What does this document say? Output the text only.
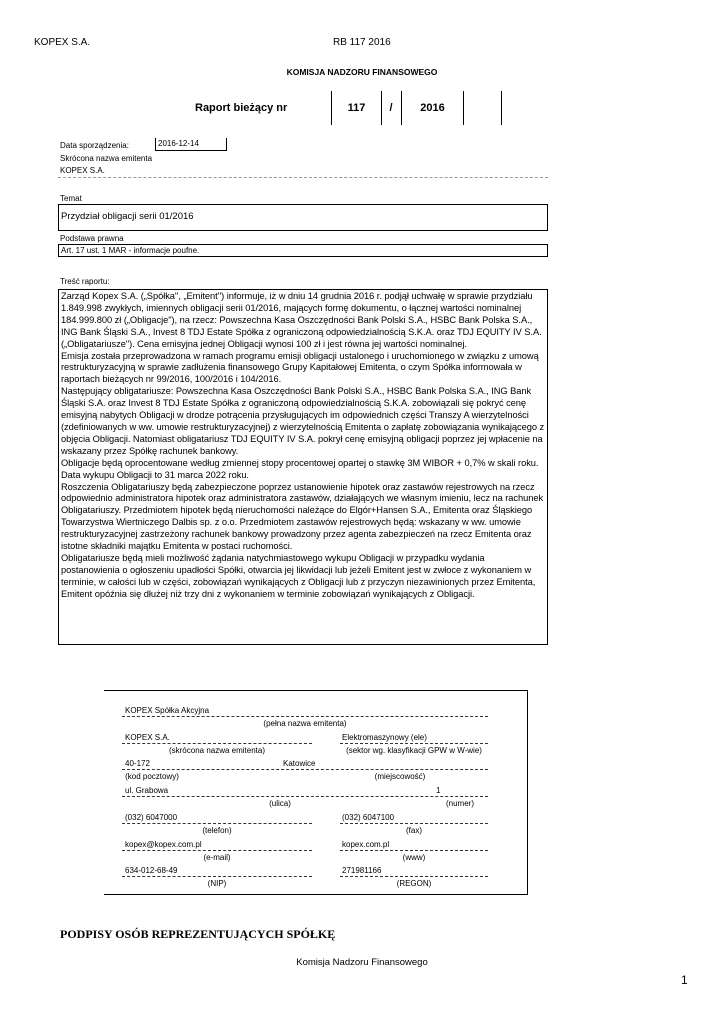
KOPEX S.A.	RB 117 2016
KOMISJA NADZORU FINANSOWEGO
Raport bieżący nr	117	/	2016
Data sporządzenia:	2016-12-14
Skrócona nazwa emitenta
KOPEX S.A.
Temat
Przydział obligacji serii 01/2016
Podstawa prawna
Art. 17 ust. 1 MAR - informacje poufne.
Treść raportu:

Zarząd Kopex S.A. („Spółka'', „Emitent'') informuje, iż w dniu 14 grudnia 2016 r. podjął uchwałę w sprawie przydziału 1.849.998 zwykłych, imiennych obligacji serii 01/2016, mających formę dokumentu, o łącznej wartości nominalnej 184.999.800 zł („Obligacje"), na rzecz: Powszechna Kasa Oszczędności Bank Polski S.A., HSBC Bank Polska S.A., ING Bank Śląski S.A., Invest 8 TDJ Estate Spółka z ograniczoną odpowiedzialnością S.K.A. oraz TDJ EQUITY IV S.A. („Obligatariusze"). Cena emisyjna jednej Obligacji wynosi 100 zł i jest równa jej wartości nominalnej.

Emisja została przeprowadzona w ramach programu emisji obligacji ustalonego i uruchomionego w związku z umową restrukturyzacyjną w sprawie zadłużenia finansowego Grupy Kapitałowej Emitenta, o czym Spółka informowała w raportach bieżących nr 99/2016, 100/2016 i 104/2016.

Następujący obligatariusze: Powszechna Kasa Oszczędności Bank Polski S.A., HSBC Bank Polska S.A., ING Bank Śląski S.A. oraz Invest 8 TDJ Estate Spółka z ograniczoną odpowiedzialnością S.K.A. zobowiązali się pokryć cenę emisyjną nabytych Obligacji w drodze potrącenia przysługujących im odpowiednich części Transzy A wierzytelności (zdefiniowanych w ww. umowie restrukturyzacyjnej) z wierzytelnością Emitenta o zapłatę zobowiązania wynikającego z objęcia Obligacji. Natomiast obligatariusz TDJ EQUITY IV S.A. pokrył cenę emisyjną obligacji poprzez jej wpłacenie na wskazany przez Spółkę rachunek bankowy.

Obligacje będą oprocentowane według zmiennej stopy procentowej opartej o stawkę 3M WIBOR + 0,7% w skali roku.

Data wykupu Obligacji to 31 marca 2022 roku.

Roszczenia Obligatariuszy będą zabezpieczone poprzez ustanowienie hipotek oraz zastawów rejestrowych na rzecz odpowiednio administratora hipotek oraz administratora zastawów, działających we własnym imieniu, lecz na rachunek Obligatariuszy. Przedmiotem hipotek będą nieruchomości należące do Elgór+Hansen S.A., Emitenta oraz Śląskiego Towarzystwa Wiertniczego Dalbis sp. z o.o. Przedmiotem zastawów rejestrowych będą: wskazany w ww. umowie restrukturyzacyjnej zastrzeżony rachunek bankowy prowadzony przez agenta zabezpieczeń na rzecz Emitenta oraz istotne składniki majątku Emitenta w postaci ruchomości.

Obligatariusze będą mieli możliwość żądania natychmiastowego wykupu Obligacji w przypadku wydania postanowienia o ogłoszeniu upadłości Spółki, otwarcia jej likwidacji lub jeżeli Emitent jest w zwłoce z wykonaniem w terminie, w całości lub w części, zobowiązań wynikających z Obligacji lub z przyczyn niezawinionych przez Emitenta, Emitent opóźnia się dłużej niż trzy dni z wykonaniem w terminie zobowiązań wynikających z Obligacji.

KOPEX Spółka Akcyjna
(pełna nazwa emitenta)
KOPEX S.A.	Elektromaszynowy (ele)
(skrócona nazwa emitenta)	(sektor wg. klasyfikacji GPW w W-wie)
40-172	Katowice
(kod pocztowy)	(miejscowość)
ul. Grabowa	1
(ulica)	(numer)
(032) 6047000	(032) 6047100
(telefon)	(fax)
kopex@kopex.com.pl	kopex.com.pl
(e-mail)	(www)
634-012-68-49	271981166
(NIP)	(REGON)
PODPISY OSÓB REPREZENTUJĄCYCH SPÓŁKĘ
Komisja Nadzoru Finansowego
1
